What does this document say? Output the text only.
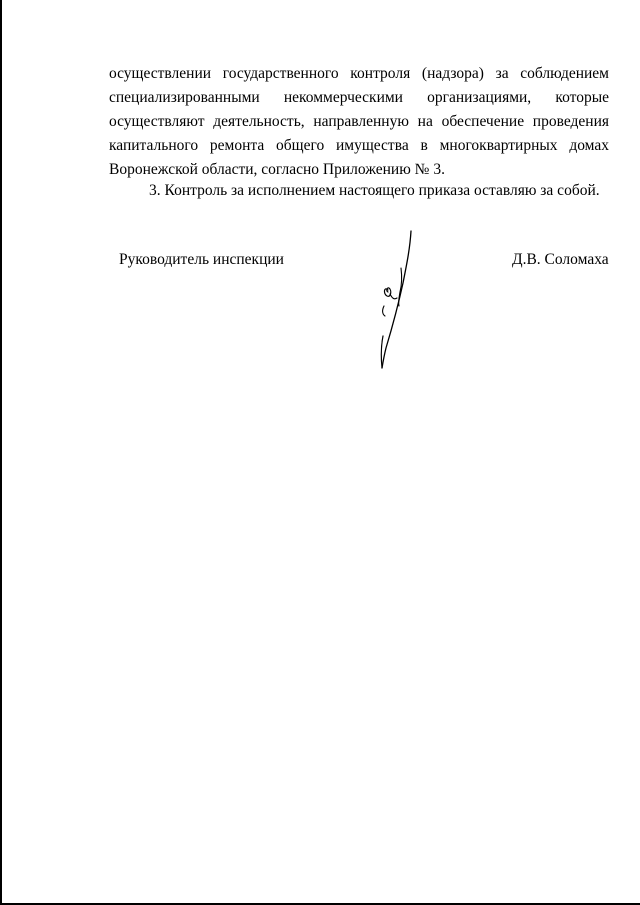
осуществлении государственного контроля (надзора) за соблюдением
специализированными некоммерческими организациями, которые
осуществляют деятельность, направленную на обеспечение проведения
капитального ремонта общего имущества в многоквартирных домах
Воронежской области, согласно Приложению № 3.
3. Контроль за исполнением настоящего приказа оставляю за собой.
Руководитель инспекции	Д.В. Соломаха
